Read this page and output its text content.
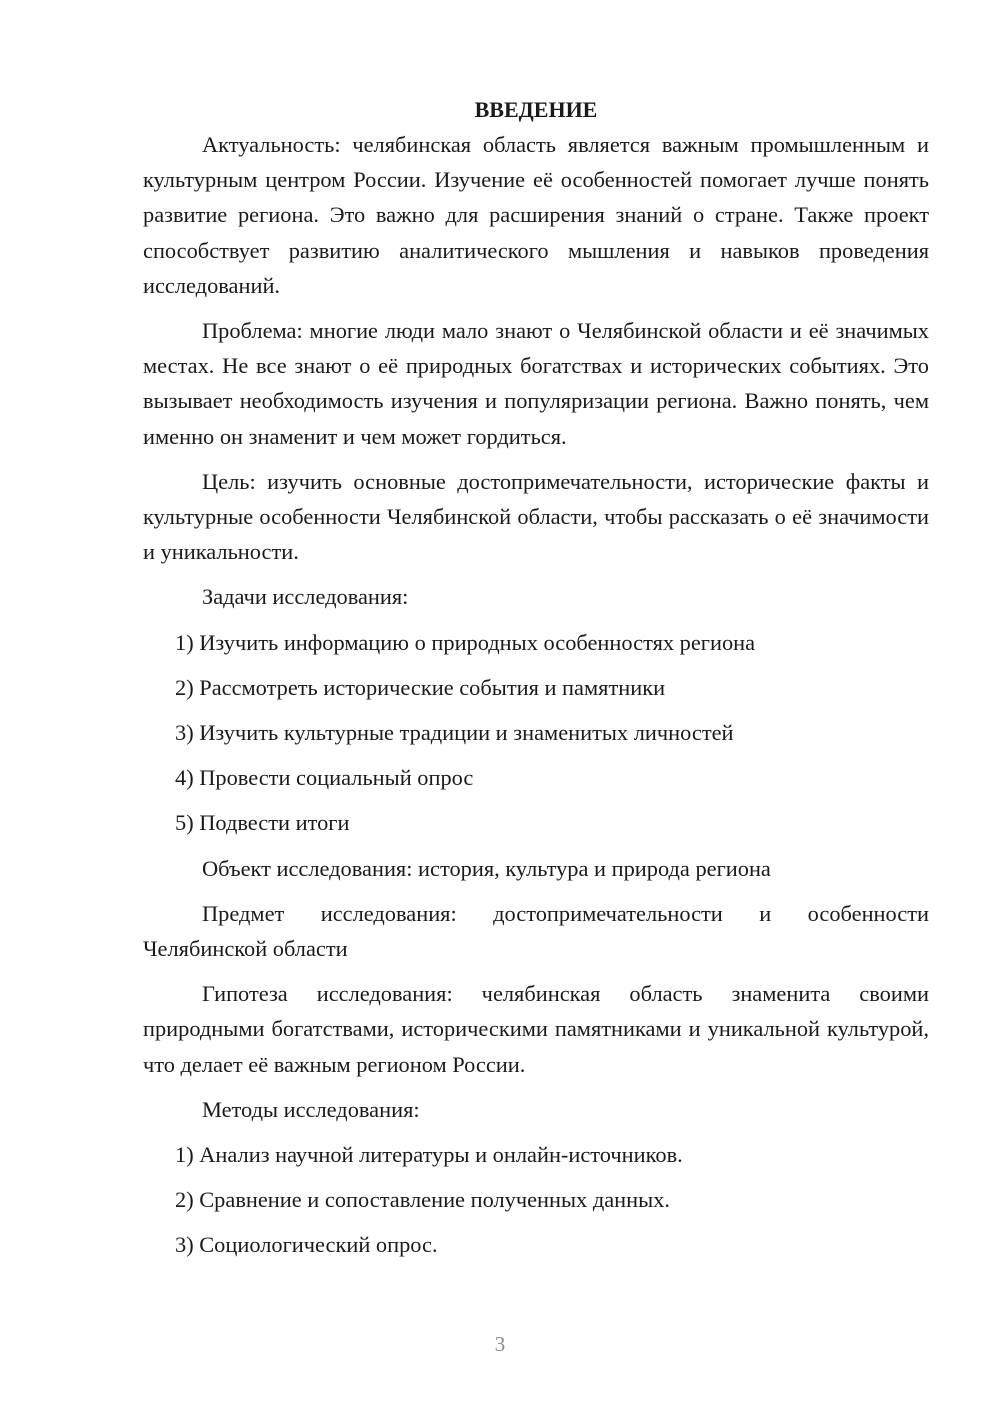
ВВЕДЕНИЕ

Актуальность: челябинская область является важным промышленным и культурным центром России. Изучение её особенностей помогает лучше понять развитие региона. Это важно для расширения знаний о стране. Также проект способствует развитию аналитического мышления и навыков проведения исследований.

Проблема: многие люди мало знают о Челябинской области и её значимых местах. Не все знают о её природных богатствах и исторических событиях. Это вызывает необходимость изучения и популяризации региона. Важно понять, чем именно он знаменит и чем может гордиться.

Цель: изучить основные достопримечательности, исторические факты и культурные особенности Челябинской области, чтобы рассказать о её значимости и уникальности.

Задачи исследования:

1) Изучить информацию о природных особенностях региона

2) Рассмотреть исторические события и памятники

3) Изучить культурные традиции и знаменитых личностей

4) Провести социальный опрос

5) Подвести итоги

Объект исследования: история, культура и природа региона

Предмет исследования: достопримечательности и особенности Челябинской области

Гипотеза исследования: челябинская область знаменита своими природными богатствами, историческими памятниками и уникальной культурой, что делает её важным регионом России.

Методы исследования:

1) Анализ научной литературы и онлайн-источников.

2) Сравнение и сопоставление полученных данных.

3) Социологический опрос.

3
